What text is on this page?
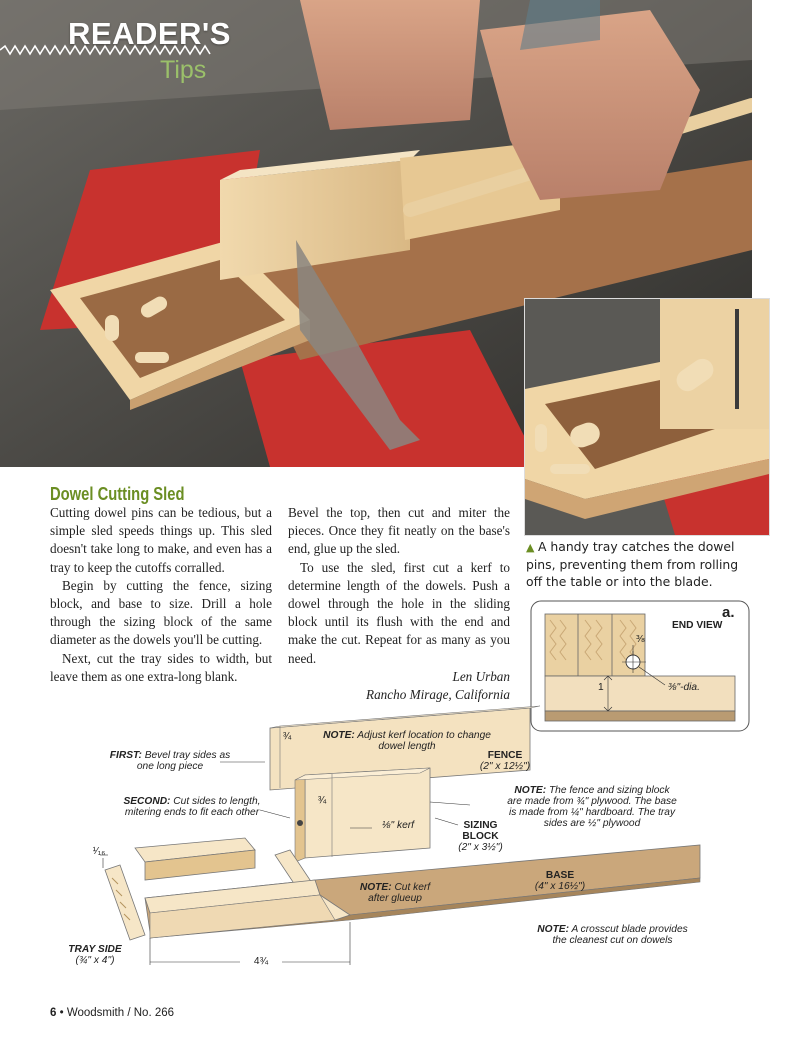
READER'S
Tips
Dowel Cutting Sled

Cutting dowel pins can be tedious, but a simple sled speeds things up. This sled doesn't take long to make, and even has a tray to keep the cutoffs corralled.

Begin by cutting the fence, sizing block, and base to size. Drill a hole through the sizing block of the same diameter as the dowels you'll be cutting.

Next, cut the tray sides to width, but leave them as one extra-long blank.

Bevel the top, then cut and miter the pieces. Once they fit neatly on the base's end, glue up the sled.

To use the sled, first cut a kerf to determine length of the dowels. Push a dowel through the hole in the sliding block until its flush with the end and make the cut. Repeat for as many as you need.

Len Urban

Rancho Mirage, California

▲ A handy tray catches the dowel pins, preventing them from rolling off the table or into the blade.
a.
END VIEW
⅜
1	⅜"-dia.
FIRST: Bevel tray sides as one long piece
SECOND: Cut sides to length, mitering ends to fit each other
¾	NOTE: Adjust kerf location to change dowel length
FENCE
(2" x 12½")
¾
⅛" kerf	SIZING BLOCK
(2" x 3½")
NOTE: The fence and sizing block are made from ¾" plywood. The base is made from ¼" hardboard. The tray sides are ½" plywood
¹⁄₁₆
BASE
(4" x 16½")
NOTE: Cut kerf after glueup
NOTE: A crosscut blade provides the cleanest cut on dowels
TRAY SIDE
(¾" x 4")	4¾
6 • Woodsmith / No. 266
